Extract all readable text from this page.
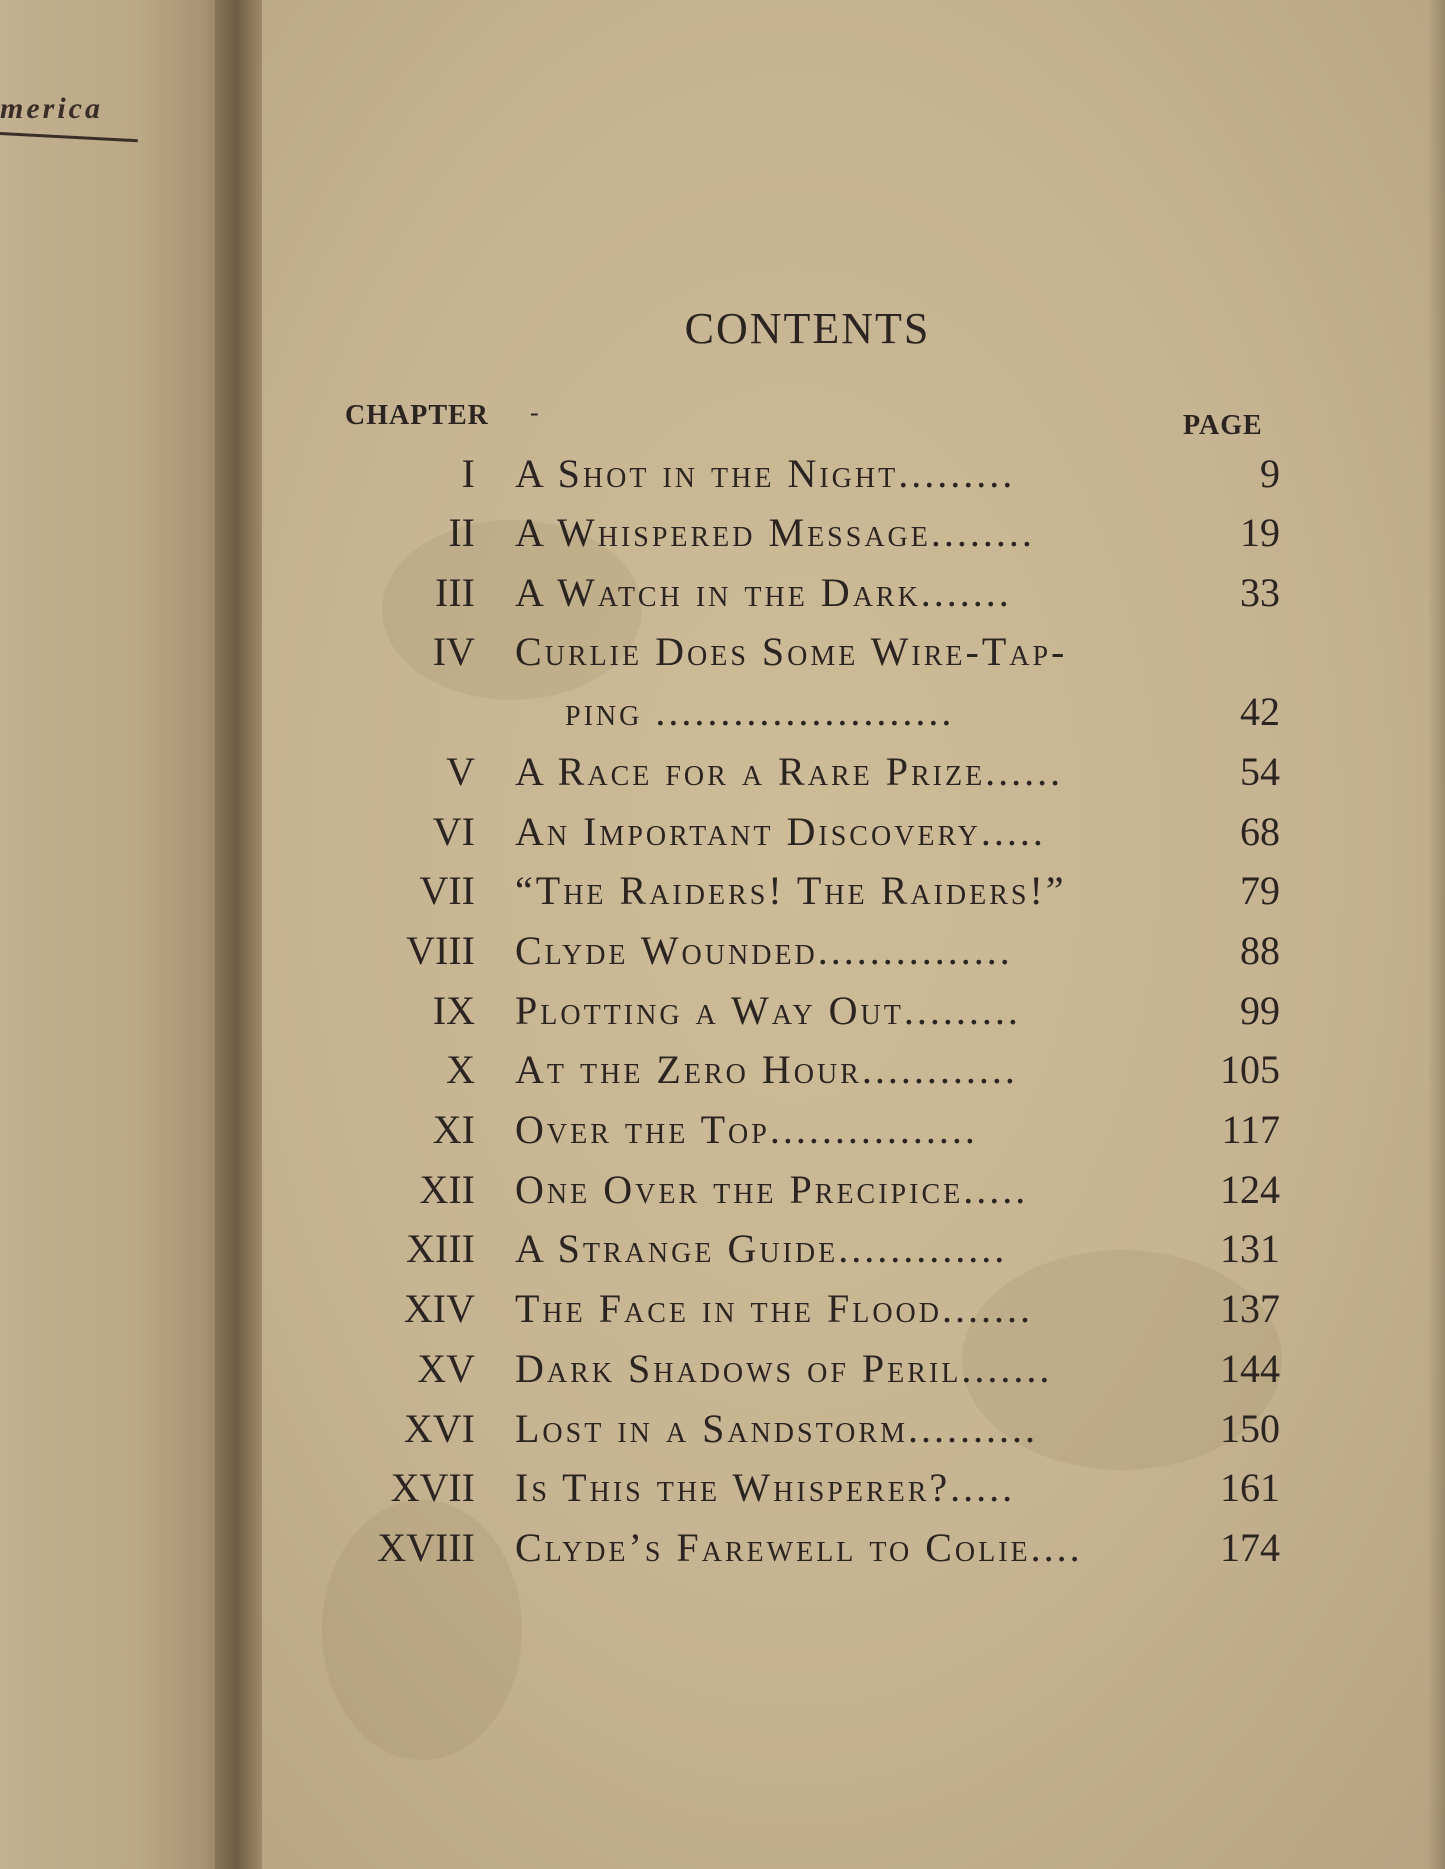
merica
CONTENTS
CHAPTER -	PAGE
I A Shot in the Night.........	9
II A Whispered Message........	19
III A Watch in the Dark.......	33
IV Curlie Does Some Wire-Tap-
ping .......................	42
V A Race for a Rare Prize......	54
VI An Important Discovery.....	68
VII “The Raiders! The Raiders!”	79
VIII Clyde Wounded...............	88
IX Plotting a Way Out.........	99
X At the Zero Hour............	105
XI Over the Top................	117
XII One Over the Precipice.....	124
XIII A Strange Guide.............	131
XIV The Face in the Flood.......	137
XV Dark Shadows of Peril.......	144
XVI Lost in a Sandstorm..........	150
XVII Is This the Whisperer?.....	161
XVIII Clyde’s Farewell to Colie....	174
